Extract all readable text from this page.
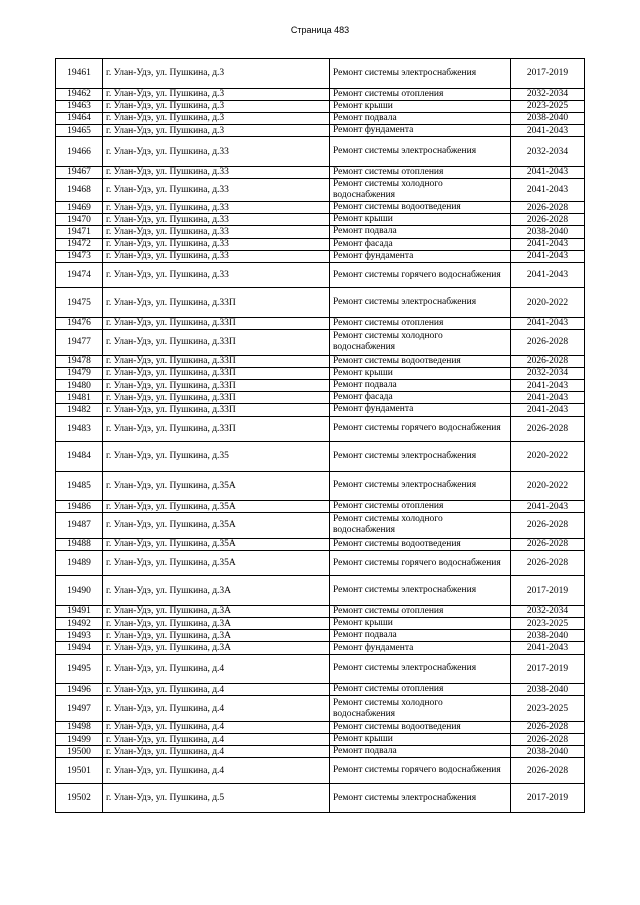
Страница 483
19461	г. Улан-Удэ, ул. Пушкина, д.3	Ремонт системы электроснабжения	2017-2019
19462	г. Улан-Удэ, ул. Пушкина, д.3	Ремонт системы отопления	2032-2034
19463	г. Улан-Удэ, ул. Пушкина, д.3	Ремонт крыши	2023-2025
19464	г. Улан-Удэ, ул. Пушкина, д.3	Ремонт подвала	2038-2040
19465	г. Улан-Удэ, ул. Пушкина, д.3	Ремонт фундамента	2041-2043
19466	г. Улан-Удэ, ул. Пушкина, д.33	Ремонт системы электроснабжения	2032-2034
19467	г. Улан-Удэ, ул. Пушкина, д.33	Ремонт системы отопления	2041-2043
19468	г. Улан-Удэ, ул. Пушкина, д.33	Ремонт системы холодного водоснабжения	2041-2043
19469	г. Улан-Удэ, ул. Пушкина, д.33	Ремонт системы водоотведения	2026-2028
19470	г. Улан-Удэ, ул. Пушкина, д.33	Ремонт крыши	2026-2028
19471	г. Улан-Удэ, ул. Пушкина, д.33	Ремонт подвала	2038-2040
19472	г. Улан-Удэ, ул. Пушкина, д.33	Ремонт фасада	2041-2043
19473	г. Улан-Удэ, ул. Пушкина, д.33	Ремонт фундамента	2041-2043
19474	г. Улан-Удэ, ул. Пушкина, д.33	Ремонт системы горячего водоснабжения	2041-2043
19475	г. Улан-Удэ, ул. Пушкина, д.33П	Ремонт системы электроснабжения	2020-2022
19476	г. Улан-Удэ, ул. Пушкина, д.33П	Ремонт системы отопления	2041-2043
19477	г. Улан-Удэ, ул. Пушкина, д.33П	Ремонт системы холодного водоснабжения	2026-2028
19478	г. Улан-Удэ, ул. Пушкина, д.33П	Ремонт системы водоотведения	2026-2028
19479	г. Улан-Удэ, ул. Пушкина, д.33П	Ремонт крыши	2032-2034
19480	г. Улан-Удэ, ул. Пушкина, д.33П	Ремонт подвала	2041-2043
19481	г. Улан-Удэ, ул. Пушкина, д.33П	Ремонт фасада	2041-2043
19482	г. Улан-Удэ, ул. Пушкина, д.33П	Ремонт фундамента	2041-2043
19483	г. Улан-Удэ, ул. Пушкина, д.33П	Ремонт системы горячего водоснабжения	2026-2028
19484	г. Улан-Удэ, ул. Пушкина, д.35	Ремонт системы электроснабжения	2020-2022
19485	г. Улан-Удэ, ул. Пушкина, д.35А	Ремонт системы электроснабжения	2020-2022
19486	г. Улан-Удэ, ул. Пушкина, д.35А	Ремонт системы отопления	2041-2043
19487	г. Улан-Удэ, ул. Пушкина, д.35А	Ремонт системы холодного водоснабжения	2026-2028
19488	г. Улан-Удэ, ул. Пушкина, д.35А	Ремонт системы водоотведения	2026-2028
19489	г. Улан-Удэ, ул. Пушкина, д.35А	Ремонт системы горячего водоснабжения	2026-2028
19490	г. Улан-Удэ, ул. Пушкина, д.3А	Ремонт системы электроснабжения	2017-2019
19491	г. Улан-Удэ, ул. Пушкина, д.3А	Ремонт системы отопления	2032-2034
19492	г. Улан-Удэ, ул. Пушкина, д.3А	Ремонт крыши	2023-2025
19493	г. Улан-Удэ, ул. Пушкина, д.3А	Ремонт подвала	2038-2040
19494	г. Улан-Удэ, ул. Пушкина, д.3А	Ремонт фундамента	2041-2043
19495	г. Улан-Удэ, ул. Пушкина, д.4	Ремонт системы электроснабжения	2017-2019
19496	г. Улан-Удэ, ул. Пушкина, д.4	Ремонт системы отопления	2038-2040
19497	г. Улан-Удэ, ул. Пушкина, д.4	Ремонт системы холодного водоснабжения	2023-2025
19498	г. Улан-Удэ, ул. Пушкина, д.4	Ремонт системы водоотведения	2026-2028
19499	г. Улан-Удэ, ул. Пушкина, д.4	Ремонт крыши	2026-2028
19500	г. Улан-Удэ, ул. Пушкина, д.4	Ремонт подвала	2038-2040
19501	г. Улан-Удэ, ул. Пушкина, д.4	Ремонт системы горячего водоснабжения	2026-2028
19502	г. Улан-Удэ, ул. Пушкина, д.5	Ремонт системы электроснабжения	2017-2019
